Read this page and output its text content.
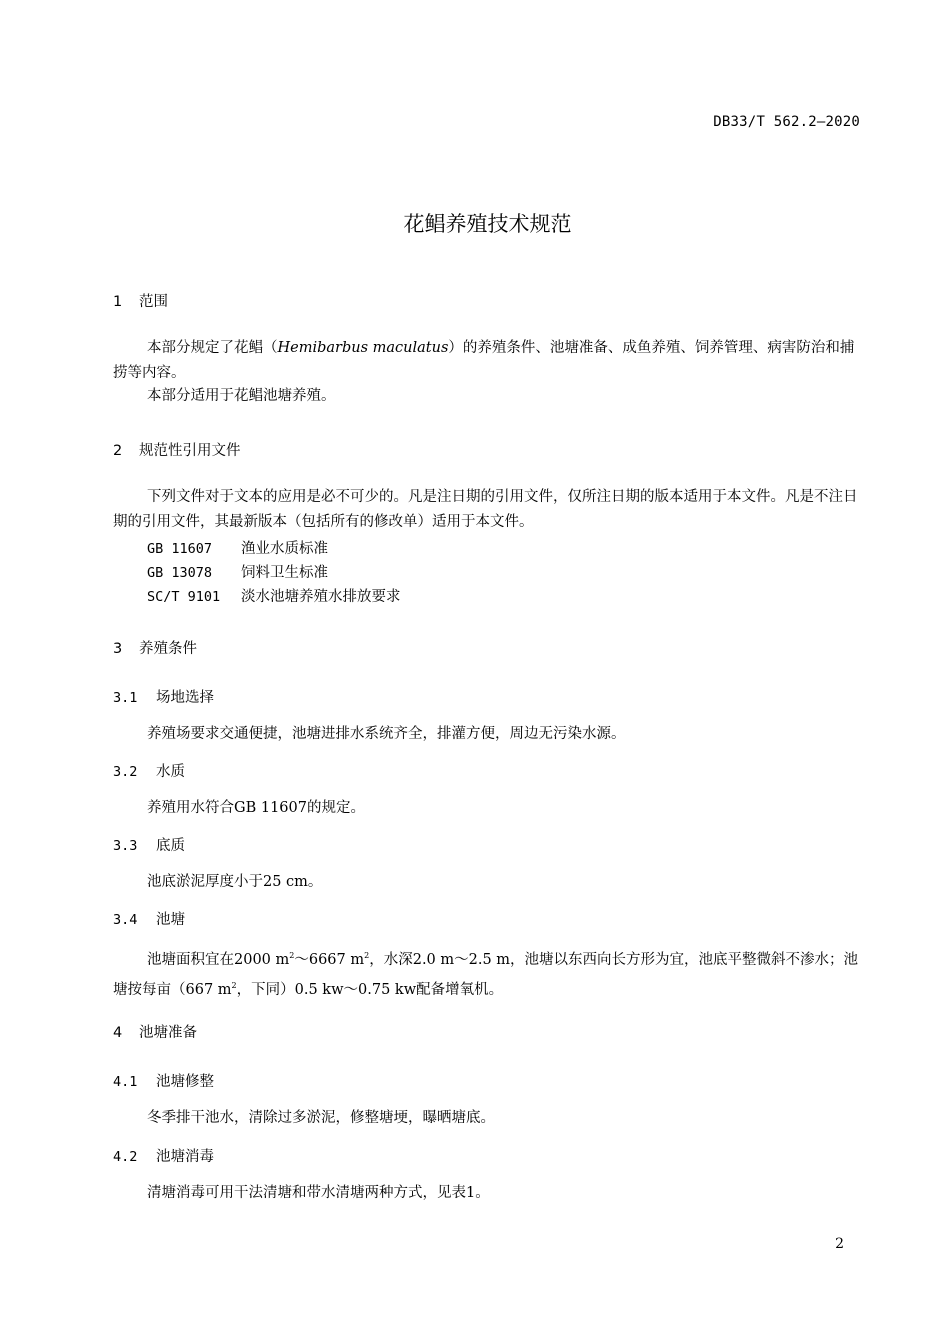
DB33/T 562.2—2020
花鲳养殖技术规范
1 范围
本部分规定了花鲳（Hemibarbus maculatus）的养殖条件、池塘准备、成鱼养殖、饲养管理、病害防治和捕捞等内容。
本部分适用于花鲳池塘养殖。
2 规范性引用文件
下列文件对于文本的应用是必不可少的。凡是注日期的引用文件，仅所注日期的版本适用于本文件。凡是不注日期的引用文件，其最新版本（包括所有的修改单）适用于本文件。
GB 11607 渔业水质标准
GB 13078 饲料卫生标准
SC/T 9101 淡水池塘养殖水排放要求
3 养殖条件
3.1 场地选择
养殖场要求交通便捷，池塘进排水系统齐全，排灌方便，周边无污染水源。
3.2 水质
养殖用水符合GB 11607的规定。
3.3 底质
池底淤泥厚度小于25 cm。
3.4 池塘
池塘面积宜在2000 $m^2\sim 6667$ $m^2$，水深2.0 m～2.5 m，池塘以东西向长方形为宜，池底平整微斜不渗水；池塘按每亩（667 $m^2$，下同）0.5 kw～0.75 kw配备增氧机。
4 池塘准备
4.1 池塘修整
冬季排干池水，清除过多淤泥，修整塘埂，曝晒塘底。
4.2 池塘消毒
清塘消毒可用干法清塘和带水清塘两种方式，见表1。
2
